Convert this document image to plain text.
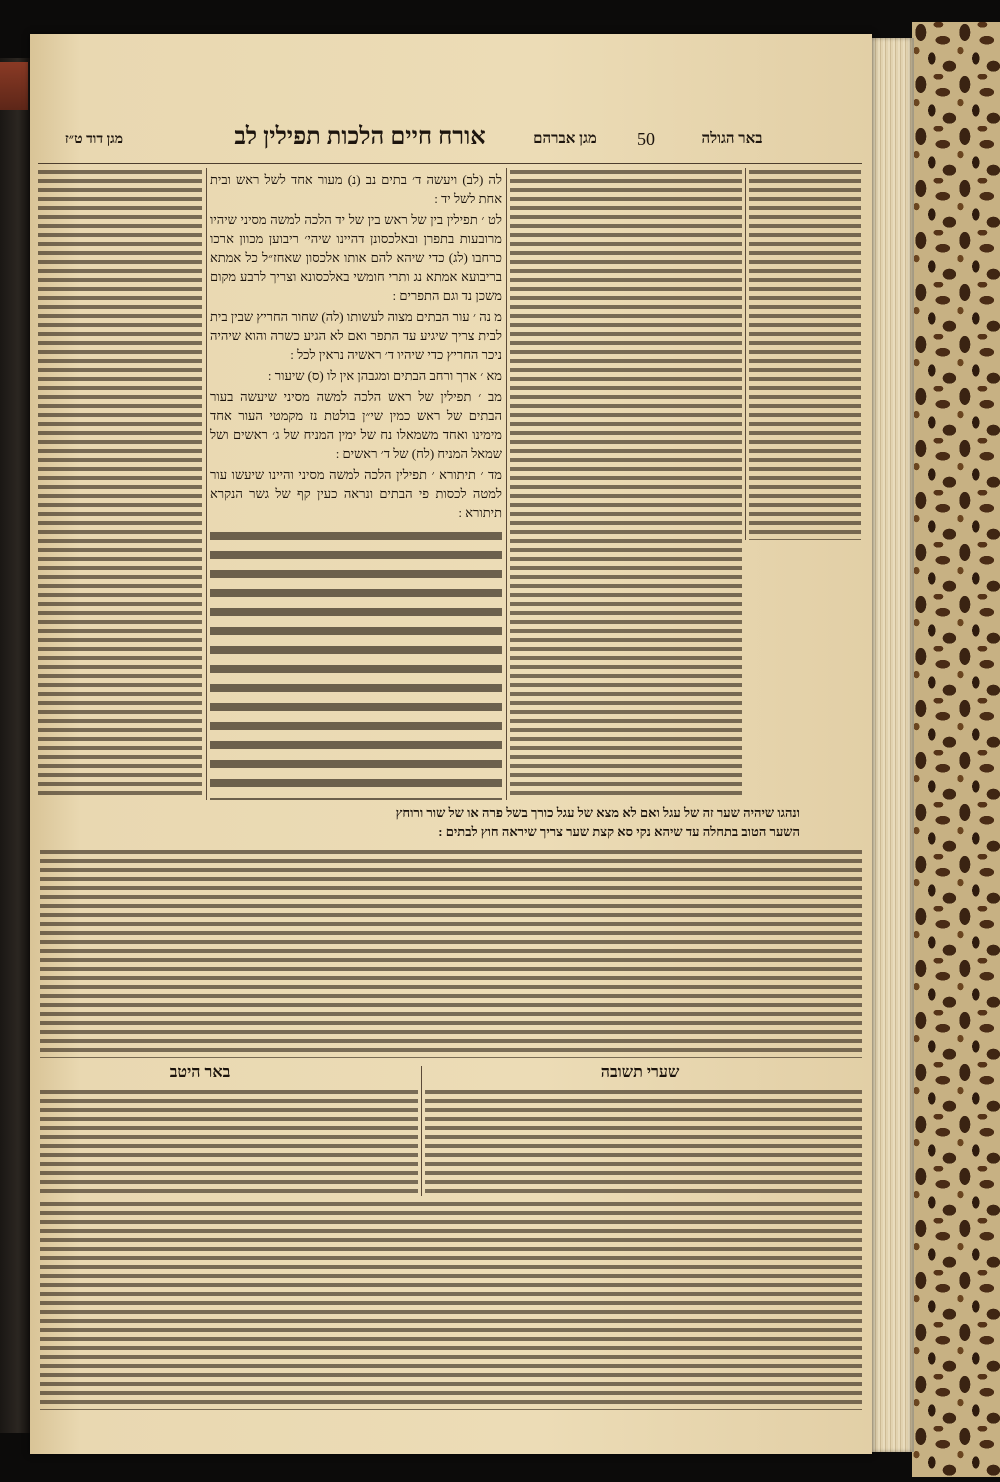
באר הגולה
50
מגן אברהם
אורח חיים הלכות תפילין לב
מגן דוד ט״ז

לה (לב) ויעשה ד׳ בתים נב (נ) מעור אחד לשל ראש ובית אחת לשל יד :

לט ׳ תפילין בין של ראש בין של יד הלכה למשה מסיני שיהיו מרובעות בתפרן ובאלכסונן דהיינו שיהי׳ ריבוען מכוון ארכו כרחבו (לג) כדי שיהא להם אותו אלכסון שאחז״ל כל אמתא בריבועא אמתא נג ותרי חומשי באלכסונא וצריך לרבע מקום משכן נד וגם התפרים :

מ נה ׳ עור הבתים מצוה לעשותו (לה) שחור החריץ שבין בית לבית צריך שיגיע עד התפר ואם לא הגיע כשרה והוא שיהיה ניכר החריץ כדי שיהיו ד׳ ראשיה נראין לכל :

מא ׳ ארך ורחב הבתים ומגבהן אין לו (ס) שיעור :

מב ׳ תפילין של ראש הלכה למשה מסיני שיעשה בעור הבתים של ראש כמין שי״ן בולטת נז מקמטי העור אחד מימינו ואחד משמאלו נח של ימין המניח של ג׳ ראשים ושל שמאל המניח (לח) של ד׳ ראשים :

מד ׳ תיתורא ׳ תפילין הלכה למשה מסיני והיינו שיעשו עור למטה לכסות פי הבתים ונראה כעין קף של גשר הנקרא תיתורא :

ונהגו שיהיה שער זה של עגל ואם לא מצא של עגל כורך בשל פרה או של שור ורוחץ
השער הטוב בתחלה עד שיהא נקי סא קצת שער צריך שיראה חוץ לבתים :
שערי תשובה
באר היטב
